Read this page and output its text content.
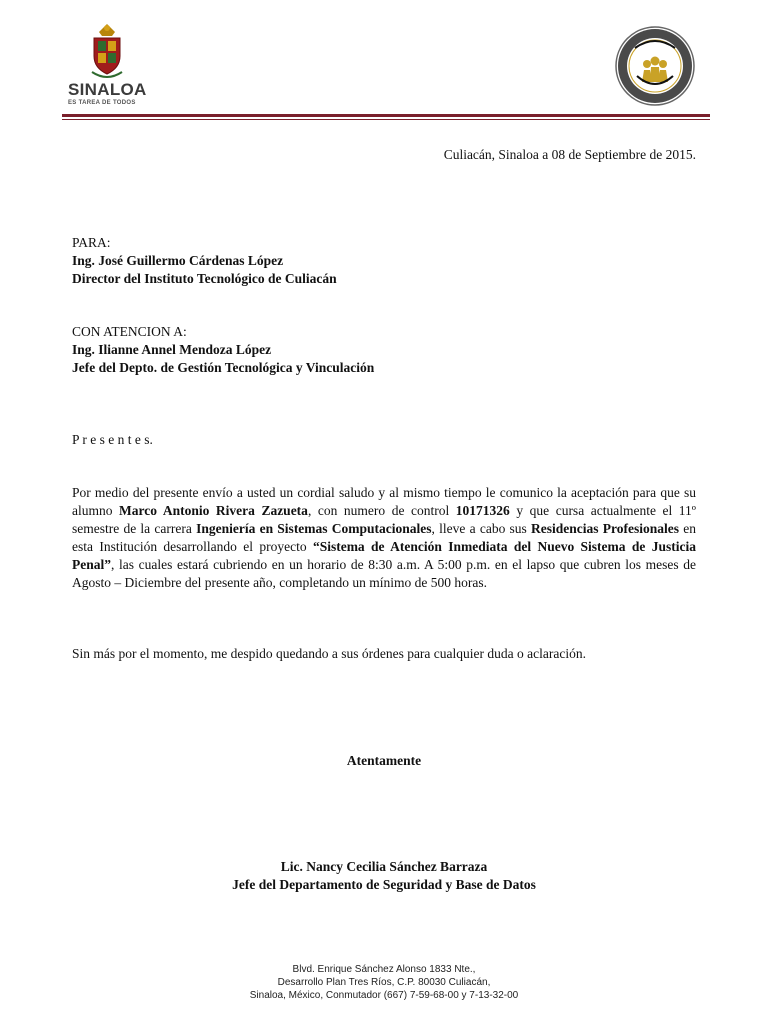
SINALOA
ES TAREA DE TODOS
Culiacán, Sinaloa a 08 de Septiembre de 2015.
PARA:
Ing. José Guillermo Cárdenas López
Director del Instituto Tecnológico de Culiacán
CON ATENCION A:
Ing. Ilianne Annel Mendoza López
Jefe del Depto. de Gestión Tecnológica y Vinculación
P r e s e n t e s.
Por medio del presente envío a usted un cordial saludo y al mismo tiempo le comunico la aceptación para que su alumno Marco Antonio Rivera Zazueta, con numero de control 10171326 y que cursa actualmente el 11º semestre de la carrera Ingeniería en Sistemas Computacionales, lleve a cabo sus Residencias Profesionales en esta Institución desarrollando el proyecto “Sistema de Atención Inmediata del Nuevo Sistema de Justicia Penal”, las cuales estará cubriendo en un horario de 8:30 a.m. A 5:00 p.m. en el lapso que cubren los meses de Agosto – Diciembre del presente año, completando un mínimo de 500 horas.
Sin más por el momento, me despido quedando a sus órdenes para cualquier duda o aclaración.
Atentamente
Lic. Nancy Cecilia Sánchez Barraza
Jefe del Departamento de Seguridad y Base de Datos
Blvd. Enrique Sánchez Alonso 1833 Nte.,
Desarrollo Plan Tres Ríos, C.P. 80030 Culiacán,
Sinaloa, México, Conmutador (667) 7-59-68-00 y 7-13-32-00
